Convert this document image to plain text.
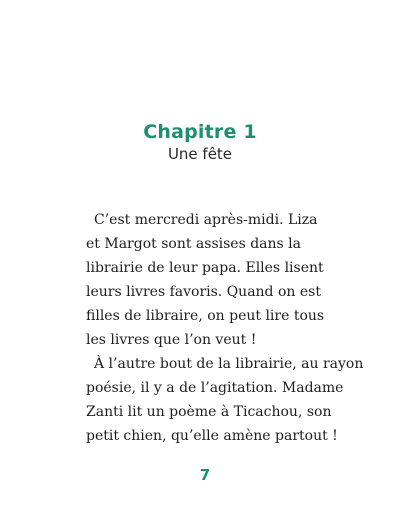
Chapitre 1
Une fête
C’est mercredi après-midi. Liza
et Margot sont assises dans la
librairie de leur papa. Elles lisent
leurs livres favoris. Quand on est
filles de libraire, on peut lire tous
les livres que l’on veut !
À l’autre bout de la librairie, au rayon
poésie, il y a de l’agitation. Madame
Zanti lit un poème à Ticachou, son
petit chien, qu’elle amène partout !
7
